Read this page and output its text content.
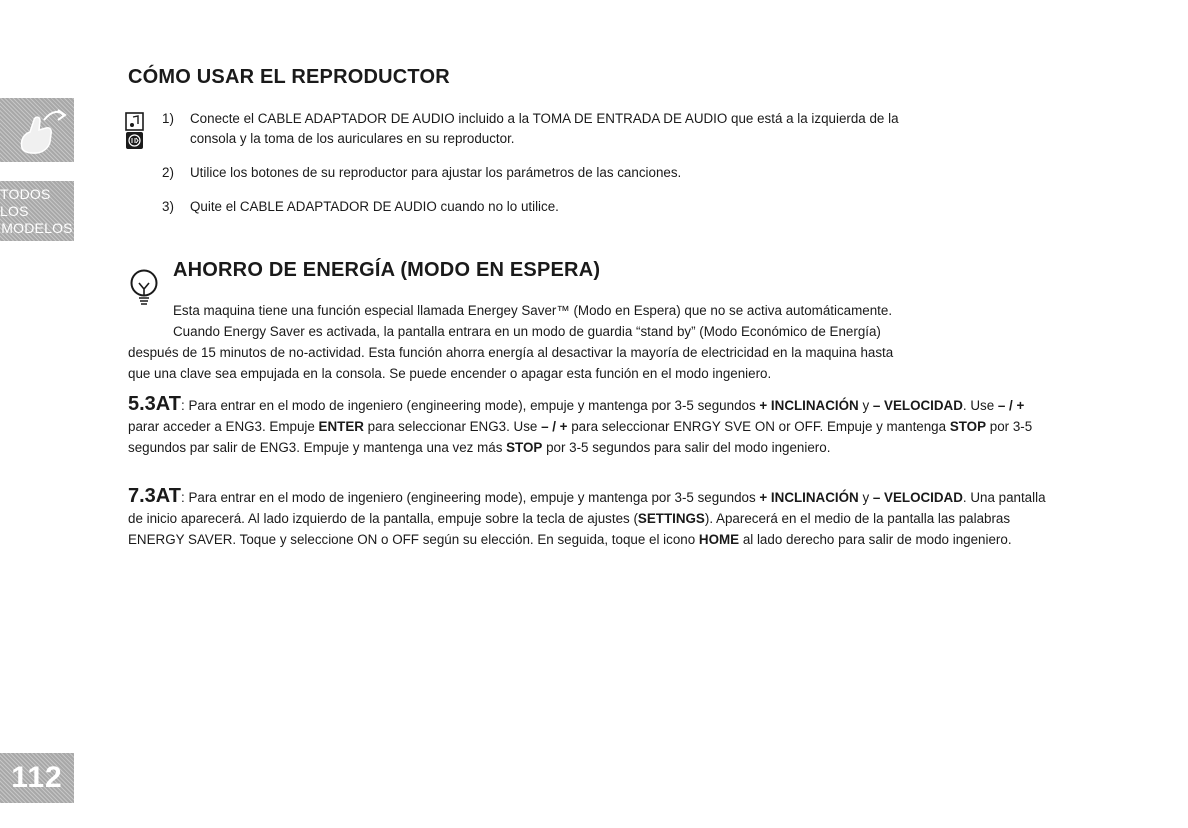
TODOS LOS
MODELOS
112
CÓMO USAR EL REPRODUCTOR
1) Conecte el CABLE ADAPTADOR DE AUDIO incluido a la TOMA DE ENTRADA DE AUDIO que está a la izquierda de la
consola y la toma de los auriculares en su reproductor.
2) Utilice los botones de su reproductor para ajustar los parámetros de las canciones.
3) Quite el CABLE ADAPTADOR DE AUDIO cuando no lo utilice.
AHORRO DE ENERGÍA (MODO EN ESPERA)

Esta maquina tiene una función especial llamada Energey Saver™ (Modo en Espera) que no se activa automáticamente.
Cuando Energy Saver es activada, la pantalla entrara en un modo de guardia “stand by” (Modo Económico de Energía)
después de 15 minutos de no-actividad. Esta función ahorra energía al desactivar la mayoría de electricidad en la maquina hasta
que una clave sea empujada en la consola. Se puede encender o apagar esta función en el modo ingeniero.

5.3AT: Para entrar en el modo de ingeniero (engineering mode), empuje y mantenga por 3-5 segundos + INCLINACIÓN y – VELOCIDAD. Use – / + parar acceder a ENG3. Empuje ENTER para seleccionar ENG3. Use – / + para seleccionar ENRGY SVE ON or OFF. Empuje y mantenga STOP por 3-5 segundos par salir de ENG3. Empuje y mantenga una vez más STOP por 3-5 segundos para salir del modo ingeniero.

7.3AT: Para entrar en el modo de ingeniero (engineering mode), empuje y mantenga por 3-5 segundos + INCLINACIÓN y – VELOCIDAD. Una pantalla de inicio aparecerá. Al lado izquierdo de la pantalla, empuje sobre la tecla de ajustes (SETTINGS). Aparecerá en el medio de la pantalla las palabras ENERGY SAVER. Toque y seleccione ON o OFF según su elección. En seguida, toque el icono HOME al lado derecho para salir de modo ingeniero.
